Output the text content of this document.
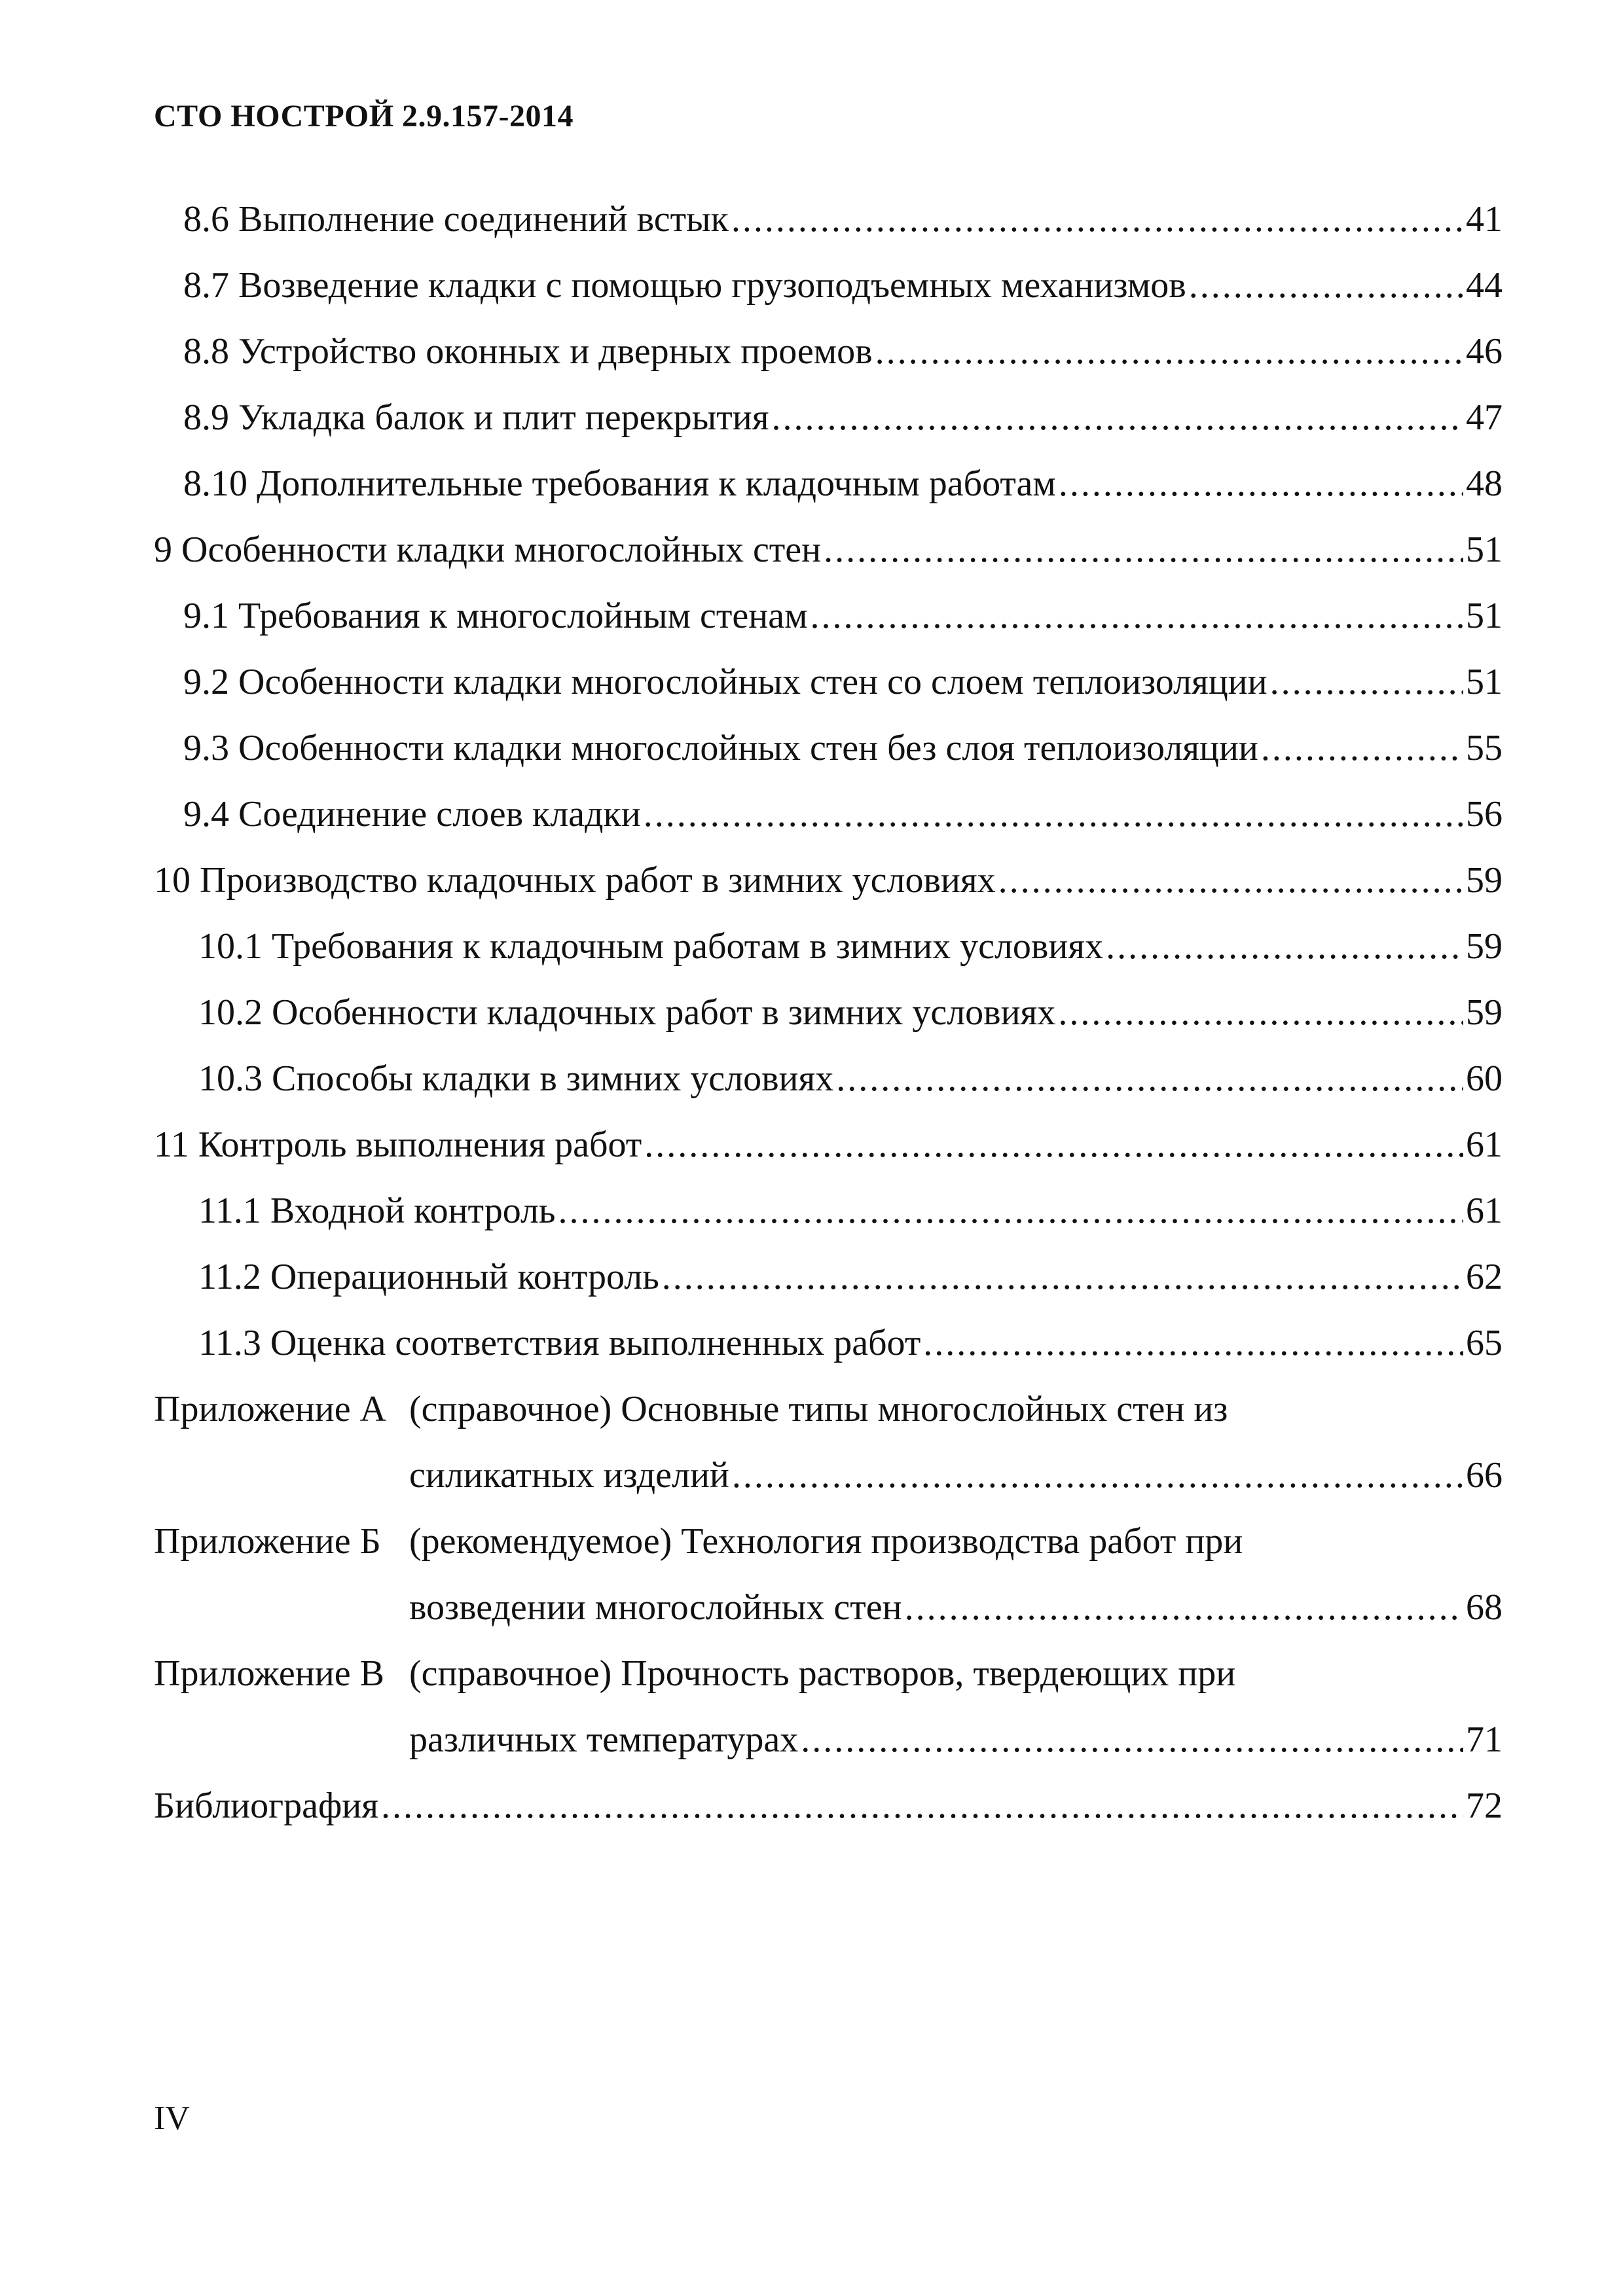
СТО НОСТРОЙ 2.9.157-2014
8.6 Выполнение соединений встык .....	41
8.7 Возведение кладки с помощью грузоподъемных механизмов .....	44
8.8 Устройство оконных и дверных проемов .....	46
8.9 Укладка балок и плит перекрытия .....	47
8.10 Дополнительные требования к кладочным работам .....	48
9 Особенности кладки многослойных стен .....	51
9.1 Требования к многослойным стенам .....	51
9.2 Особенности кладки многослойных стен со слоем теплоизоляции .....	51
9.3 Особенности кладки многослойных стен без слоя теплоизоляции .....	55
9.4 Соединение слоев кладки .....	56
10 Производство кладочных работ в зимних условиях .....	59
10.1 Требования к кладочным работам в зимних условиях .....	59
10.2 Особенности кладочных работ в зимних условиях .....	59
10.3 Способы кладки в зимних условиях .....	60
11 Контроль выполнения работ .....	61
11.1 Входной контроль .....	61
11.2 Операционный контроль .....	62
11.3 Оценка соответствия выполненных работ .....	65
Приложение А (справочное) Основные типы многослойных стен из
силикатных изделий .....	66
Приложение Б (рекомендуемое) Технология производства работ при
возведении многослойных стен .....	68
Приложение В (справочное) Прочность растворов, твердеющих при
различных температурах .....	71
Библиография .....	72
IV
